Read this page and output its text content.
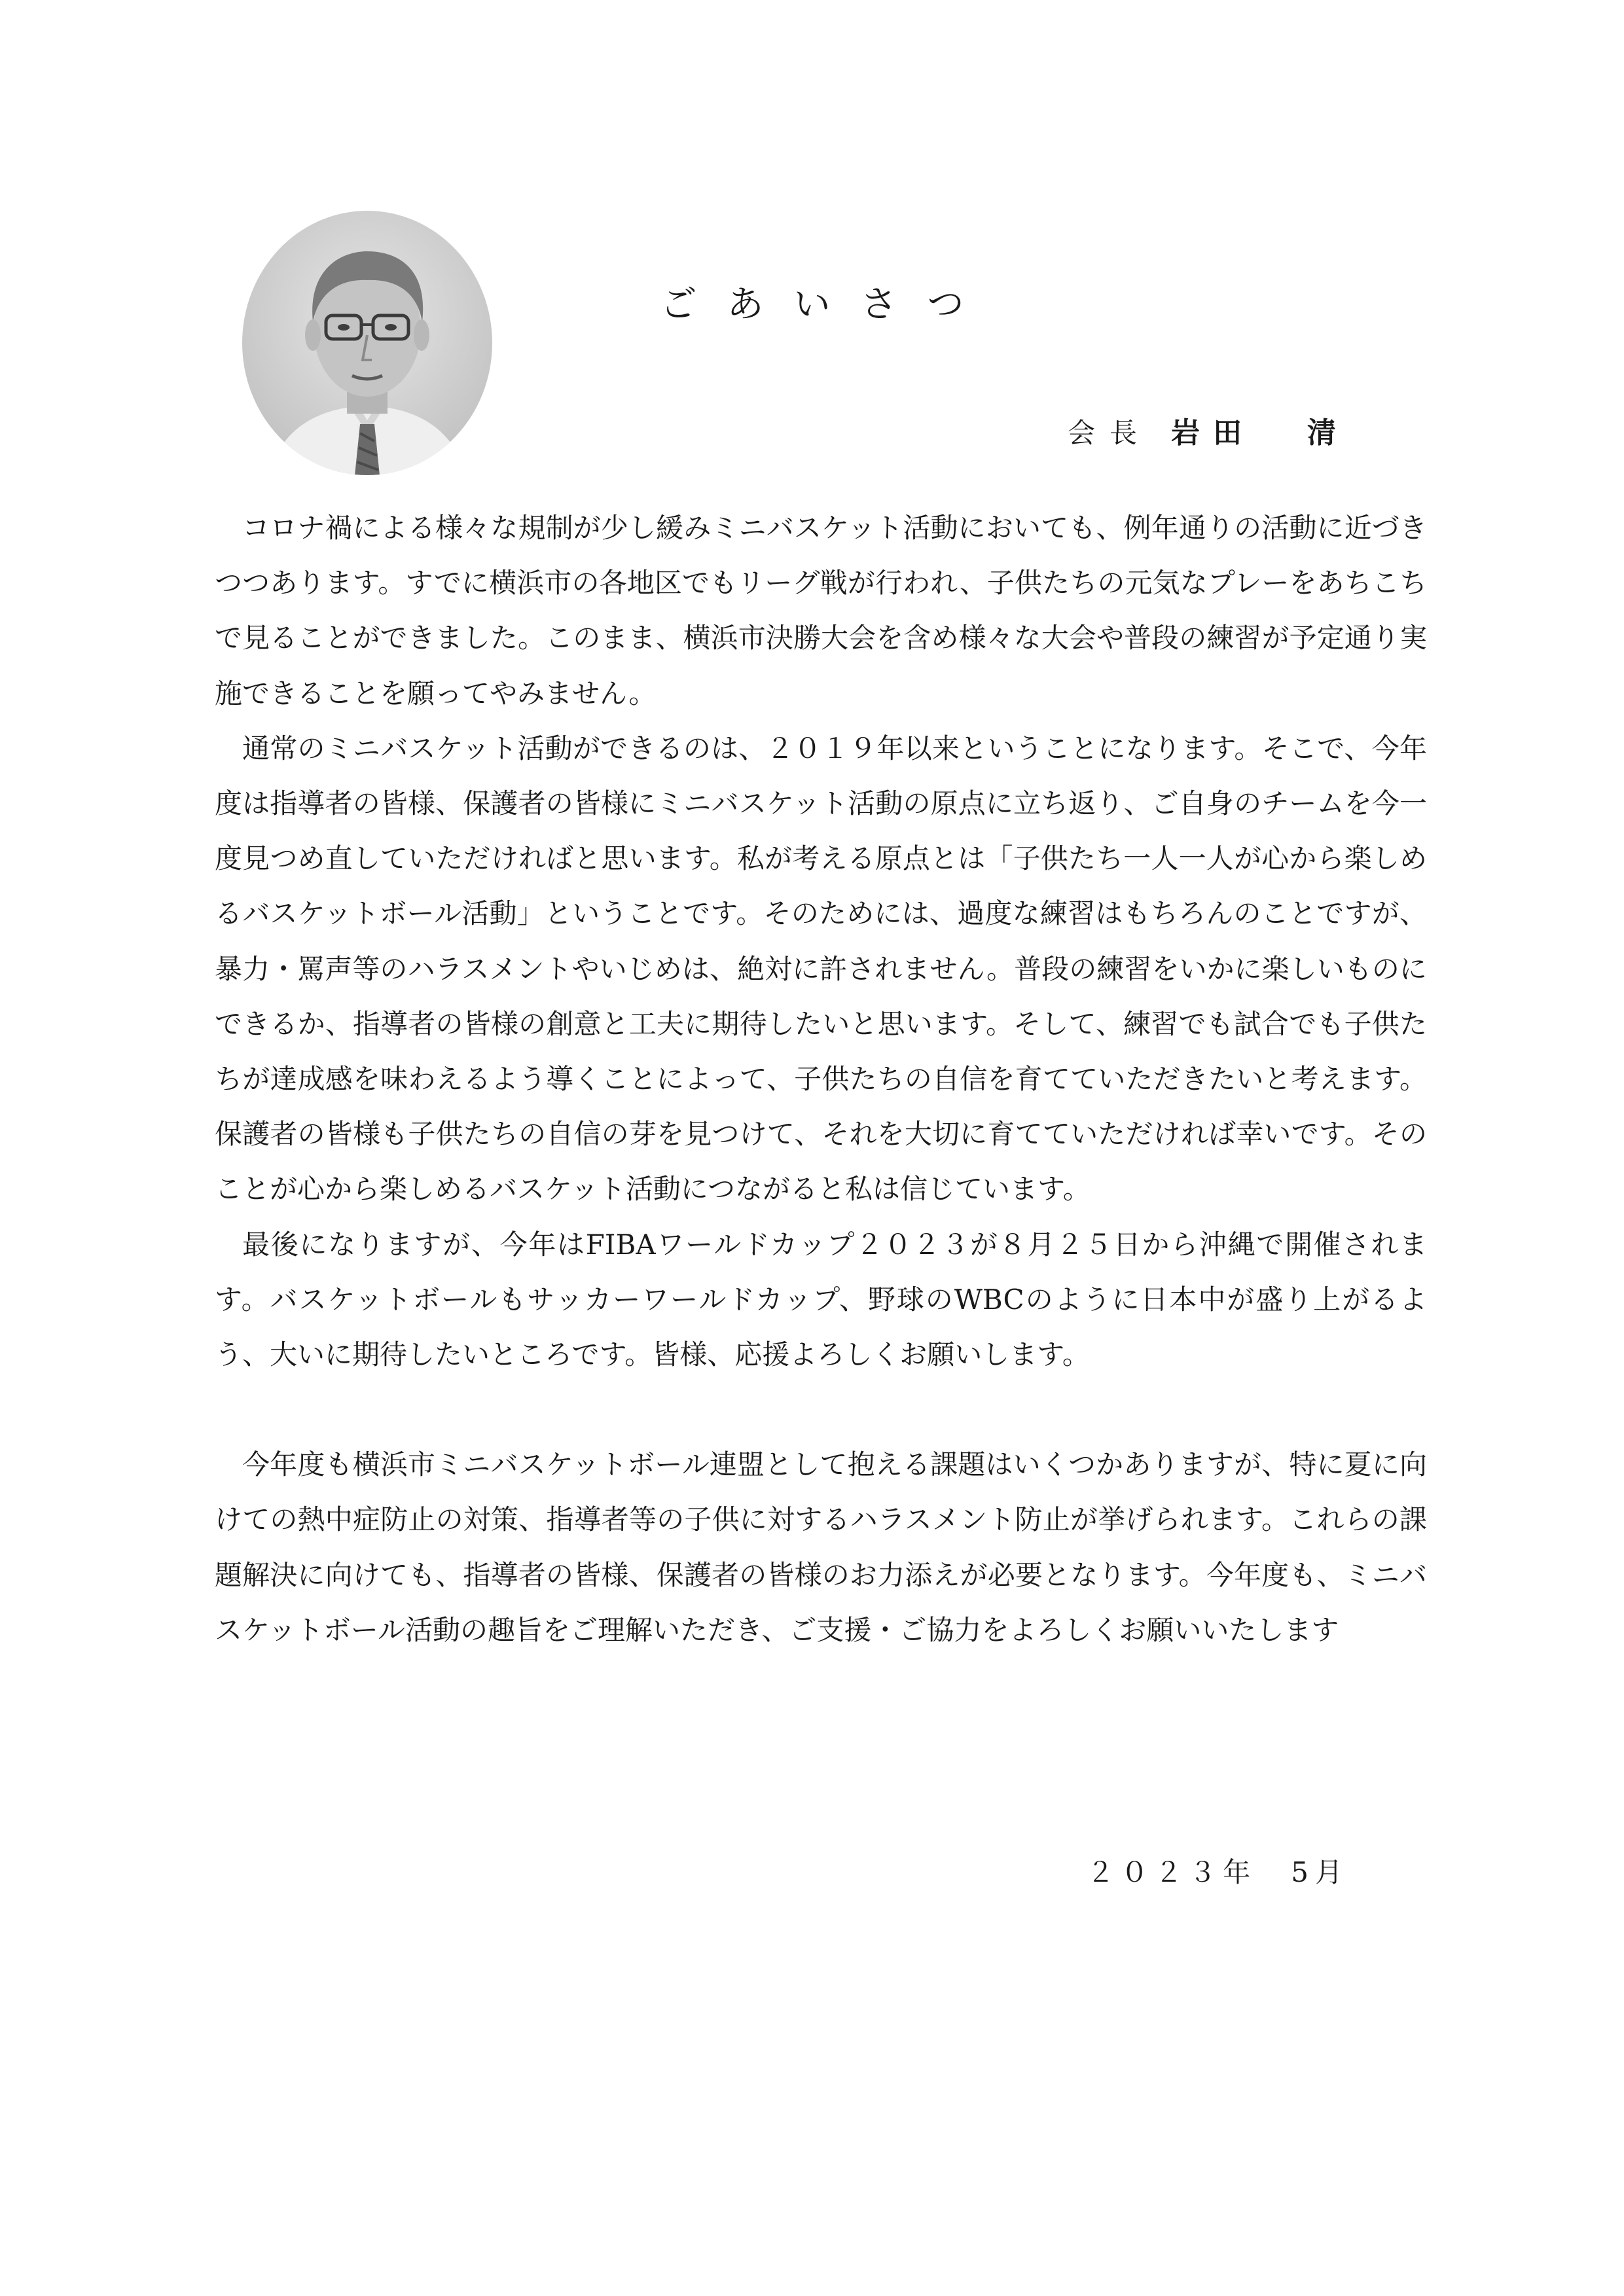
ごあいさつ
会長 岩田 清

コロナ禍による様々な規制が少し緩みミニバスケット活動においても、例年通りの活動に近づきつつあります。すでに横浜市の各地区でもリーグ戦が行われ、子供たちの元気なプレーをあちこちで見ることができました。このまま、横浜市決勝大会を含め様々な大会や普段の練習が予定通り実施できることを願ってやみません。

通常のミニバスケット活動ができるのは、２０１９年以来ということになります。そこで、今年度は指導者の皆様、保護者の皆様にミニバスケット活動の原点に立ち返り、ご自身のチームを今一度見つめ直していただければと思います。私が考える原点とは「子供たち一人一人が心から楽しめるバスケットボール活動」ということです。そのためには、過度な練習はもちろんのことですが、暴力・罵声等のハラスメントやいじめは、絶対に許されません。普段の練習をいかに楽しいものにできるか、指導者の皆様の創意と工夫に期待したいと思います。そして、練習でも試合でも子供たちが達成感を味わえるよう導くことによって、子供たちの自信を育てていただきたいと考えます。保護者の皆様も子供たちの自信の芽を見つけて、それを大切に育てていただければ幸いです。そのことが心から楽しめるバスケット活動につながると私は信じています。

最後になりますが、今年はFIBAワールドカップ２０２３が８月２５日から沖縄で開催されます。バスケットボールもサッカーワールドカップ、野球のWBCのように日本中が盛り上がるよう、大いに期待したいところです。皆様、応援よろしくお願いします。

今年度も横浜市ミニバスケットボール連盟として抱える課題はいくつかありますが、特に夏に向けての熱中症防止の対策、指導者等の子供に対するハラスメント防止が挙げられます。これらの課題解決に向けても、指導者の皆様、保護者の皆様のお力添えが必要となります。今年度も、ミニバスケットボール活動の趣旨をご理解いただき、ご支援・ご協力をよろしくお願いいたします

２０２３年　5月
